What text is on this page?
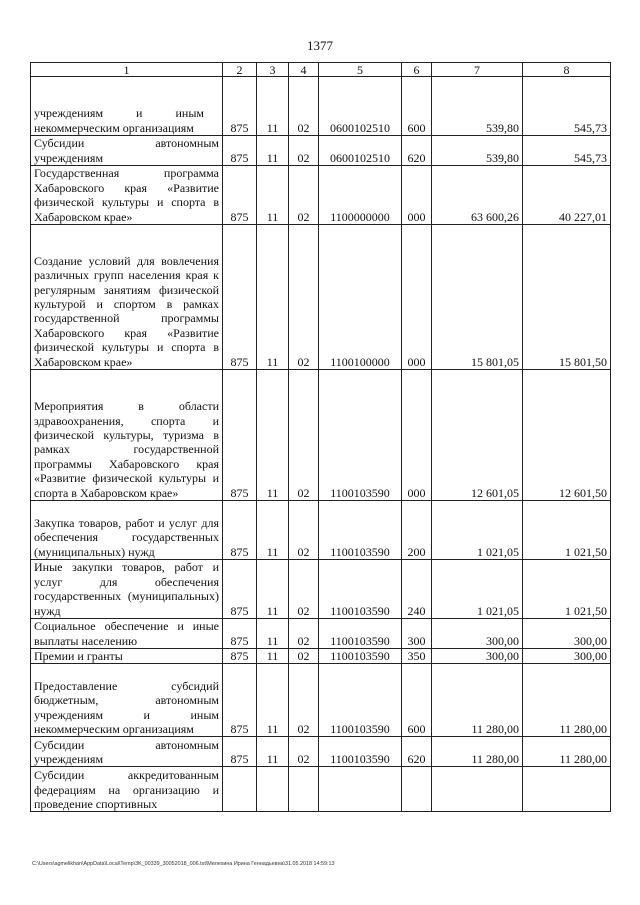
1377
1	2	3	4	5	6	7	8

учреждениям и иным некоммерческим организациям	875	11	02	0600102510	600	539,80	545,73

Субсидии автономным учреждениям	875	11	02	0600102510	620	539,80	545,73

Государственная программа Хабаровского края «Развитие физической культуры и спорта в Хабаровском крае»	875	11	02	1100000000	000	63 600,26	40 227,01

Создание условий для вовлечения различных групп населения края к регулярным занятиям физической культурой и спортом в рамках государственной программы Хабаровского края «Развитие физической культуры и спорта в Хабаровском крае»	875	11	02	1100100000	000	15 801,05	15 801,50

Мероприятия в области здравоохранения, спорта и физической культуры, туризма в рамках государственной программы Хабаровского края «Развитие физической культуры и спорта в Хабаровском крае»	875	11	02	1100103590	000	12 601,05	12 601,50

Закупка товаров, работ и услуг для обеспечения государственных (муниципальных) нужд	875	11	02	1100103590	200	1 021,05	1 021,50

Иные закупки товаров, работ и услуг для обеспечения государственных (муниципальных) нужд	875	11	02	1100103590	240	1 021,05	1 021,50

Социальное обеспечение и иные выплаты населению	875	11	02	1100103590	300	300,00	300,00

Премии и гранты	875	11	02	1100103590	350	300,00	300,00

Предоставление субсидий бюджетным, автономным учреждениям и иным некоммерческим организациям	875	11	02	1100103590	600	11 280,00	11 280,00

Субсидии автономным учреждениям	875	11	02	1100103590	620	11 280,00	11 280,00

Субсидии аккредитованным федерациям на организацию и проведение спортивных							

C:\Users\agmelikhan\AppData\Local\Temp\3K_00339_30052018_006.txt\Мелехина Ирина Геннадьевна\31.05.2018 14:59:13
